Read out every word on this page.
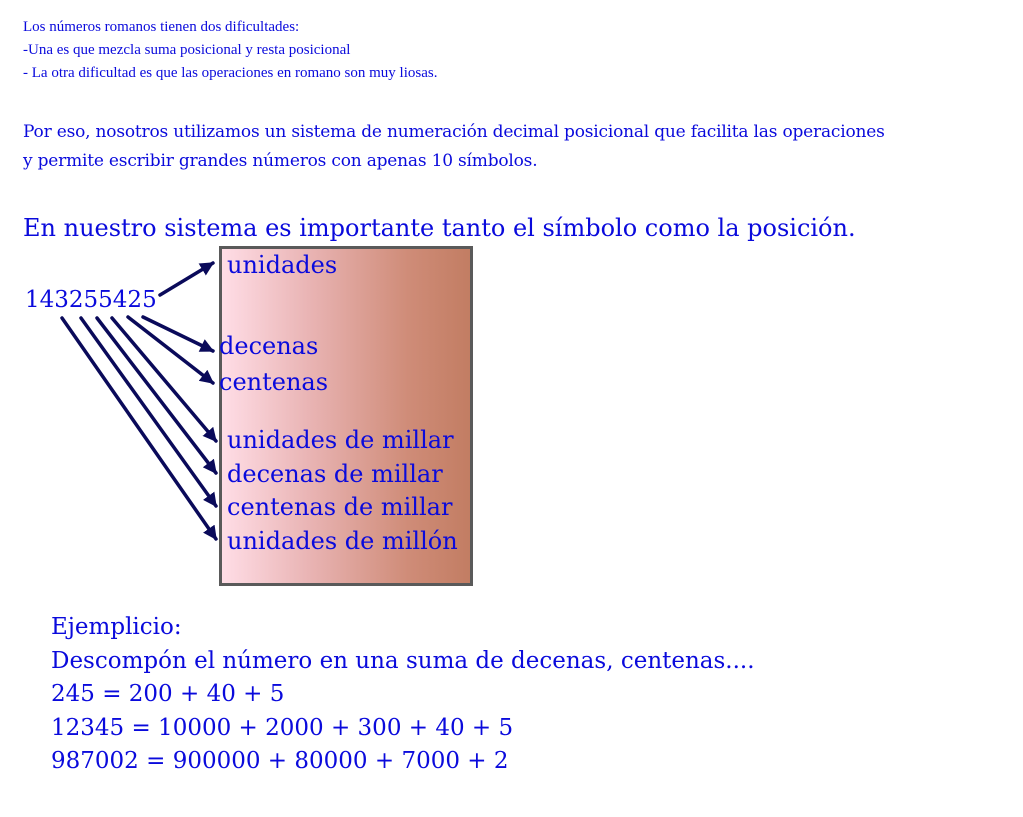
Los números romanos tienen dos dificultades:
-Una es que mezcla suma posicional y resta posicional
- La otra dificultad es que las operaciones en romano son muy liosas.
Por eso, nosotros utilizamos un sistema de numeración decimal posicional que facilita las operaciones
y permite escribir grandes números con apenas 10 símbolos.
En nuestro sistema es importante tanto el símbolo como la posición.
143255425
unidades
decenas
centenas
unidades de millar
decenas de millar
centenas de millar
unidades de millón
Ejemplicio:
Descompón el número en una suma de decenas, centenas....
245 = 200 + 40 + 5
12345 = 10000 + 2000 + 300 + 40 + 5
987002 = 900000 + 80000 + 7000 + 2
